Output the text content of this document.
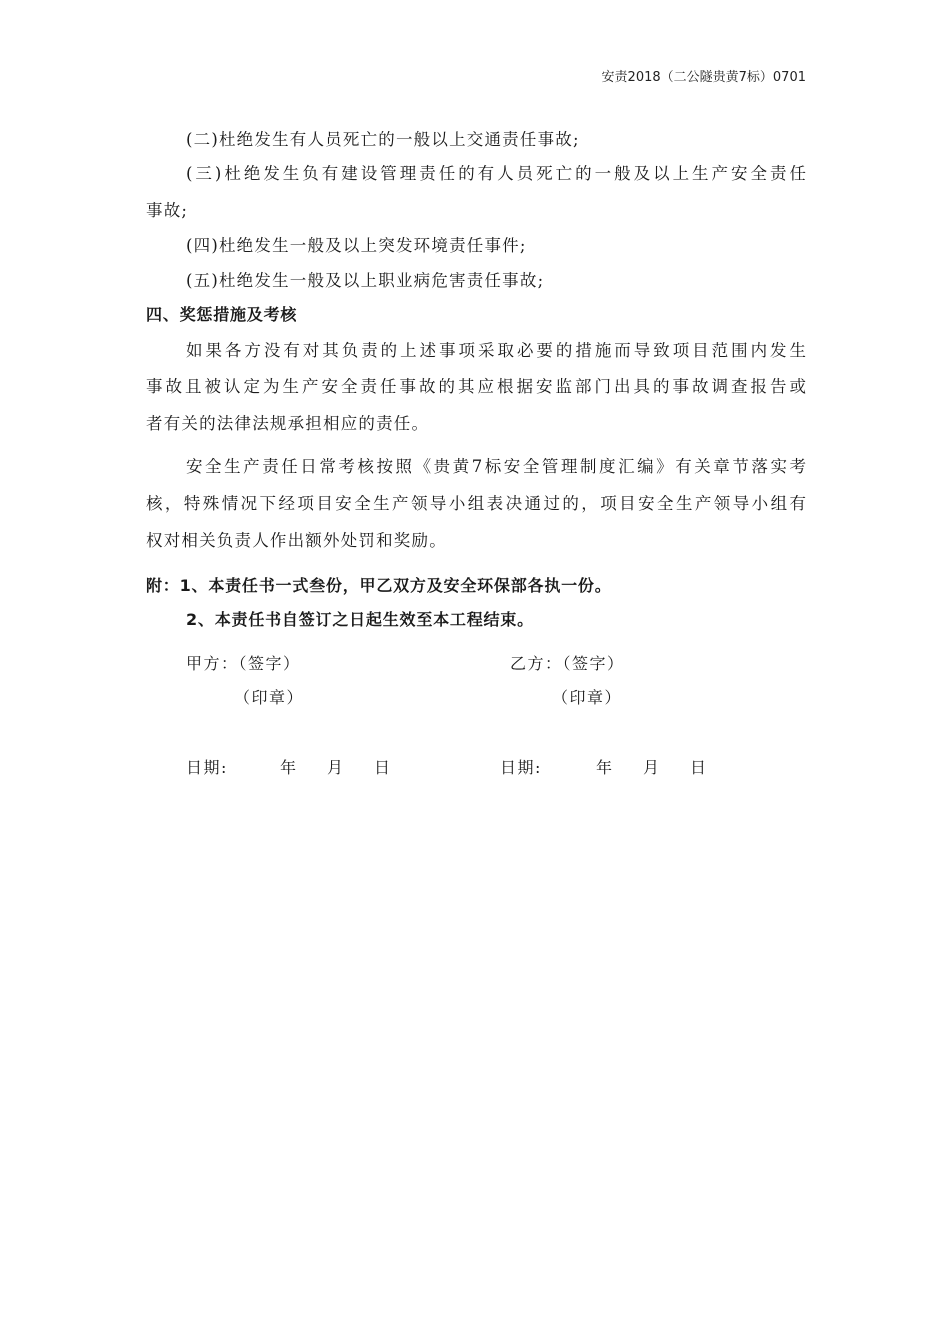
安责2018（二公隧贵黄7标）0701
(二)杜绝发生有人员死亡的一般以上交通责任事故;
(三)杜绝发生负有建设管理责任的有人员死亡的一般及以上生产安全责任
事故;
(四)杜绝发生一般及以上突发环境责任事件;
(五)杜绝发生一般及以上职业病危害责任事故;
四、奖惩措施及考核
如果各方没有对其负责的上述事项采取必要的措施而导致项目范围内发生
事故且被认定为生产安全责任事故的其应根据安监部门出具的事故调查报告或
者有关的法律法规承担相应的责任。
安全生产责任日常考核按照《贵黄7标安全管理制度汇编》有关章节落实考
核，特殊情况下经项目安全生产领导小组表决通过的，项目安全生产领导小组有
权对相关负责人作出额外处罚和奖励。
附：1、本责任书一式叁份，甲乙双方及安全环保部各执一份。
2、本责任书自签订之日起生效至本工程结束。
甲方：（签字）
（印章）
乙方：（签字）
（印章）
日期:	年 月 日	日期:	年 月 日
